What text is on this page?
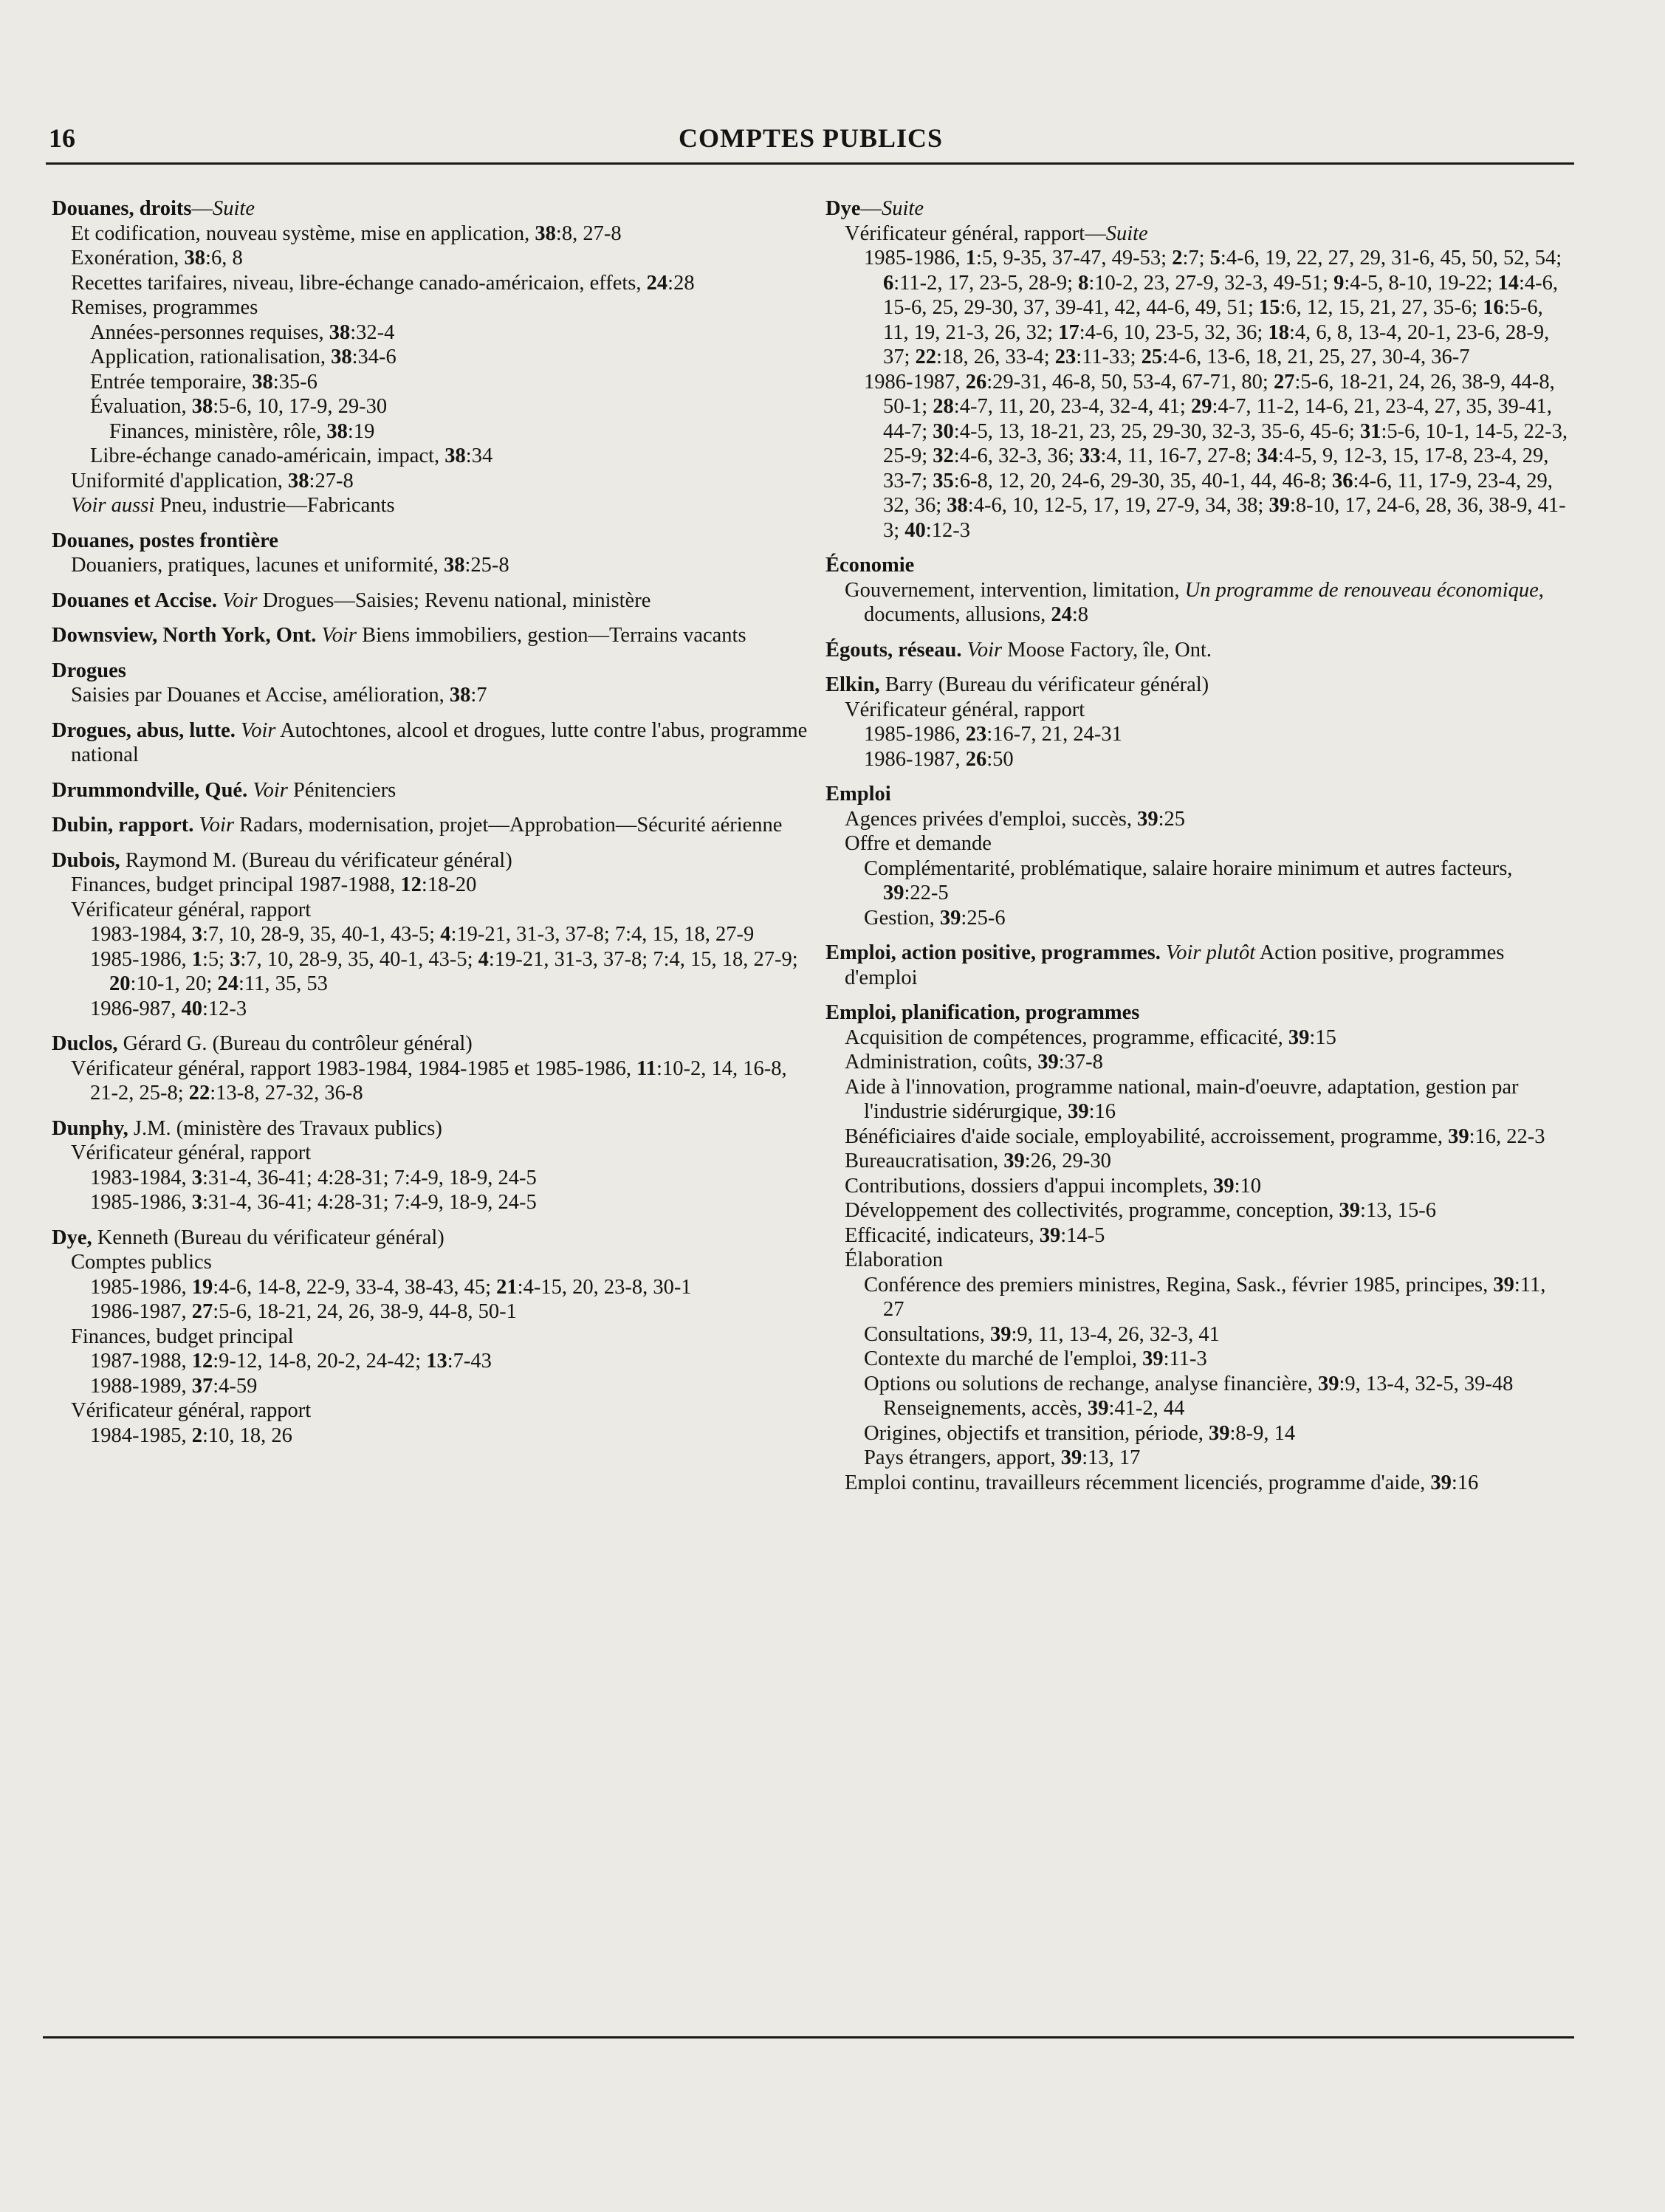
16	COMPTES PUBLICS
Douanes, droits—Suite
Et codification, nouveau système, mise en application, 38:8, 27-8
Exonération, 38:6, 8
Recettes tarifaires, niveau, libre-échange canado-américaion, effets, 24:28
Remises, programmes
Années-personnes requises, 38:32-4
Application, rationalisation, 38:34-6
Entrée temporaire, 38:35-6
Évaluation, 38:5-6, 10, 17-9, 29-30
Finances, ministère, rôle, 38:19
Libre-échange canado-américain, impact, 38:34
Uniformité d'application, 38:27-8
Voir aussi Pneu, industrie—Fabricants
Douanes, postes frontière
Douaniers, pratiques, lacunes et uniformité, 38:25-8
Douanes et Accise. Voir Drogues—Saisies; Revenu national, ministère
Downsview, North York, Ont. Voir Biens immobiliers, gestion—Terrains vacants
Drogues
Saisies par Douanes et Accise, amélioration, 38:7
Drogues, abus, lutte. Voir Autochtones, alcool et drogues, lutte contre l'abus, programme national
Drummondville, Qué. Voir Pénitenciers
Dubin, rapport. Voir Radars, modernisation, projet—Approbation—Sécurité aérienne
Dubois, Raymond M. (Bureau du vérificateur général)
Finances, budget principal 1987-1988, 12:18-20
Vérificateur général, rapport
1983-1984, 3:7, 10, 28-9, 35, 40-1, 43-5; 4:19-21, 31-3, 37-8; 7:4, 15, 18, 27-9
1985-1986, 1:5; 3:7, 10, 28-9, 35, 40-1, 43-5; 4:19-21, 31-3, 37-8; 7:4, 15, 18, 27-9; 20:10-1, 20; 24:11, 35, 53
1986-987, 40:12-3
Duclos, Gérard G. (Bureau du contrôleur général)
Vérificateur général, rapport 1983-1984, 1984-1985 et 1985-1986, 11:10-2, 14, 16-8, 21-2, 25-8; 22:13-8, 27-32, 36-8
Dunphy, J.M. (ministère des Travaux publics)
Vérificateur général, rapport
1983-1984, 3:31-4, 36-41; 4:28-31; 7:4-9, 18-9, 24-5
1985-1986, 3:31-4, 36-41; 4:28-31; 7:4-9, 18-9, 24-5
Dye, Kenneth (Bureau du vérificateur général)
Comptes publics
1985-1986, 19:4-6, 14-8, 22-9, 33-4, 38-43, 45; 21:4-15, 20, 23-8, 30-1
1986-1987, 27:5-6, 18-21, 24, 26, 38-9, 44-8, 50-1
Finances, budget principal
1987-1988, 12:9-12, 14-8, 20-2, 24-42; 13:7-43
1988-1989, 37:4-59
Vérificateur général, rapport
1984-1985, 2:10, 18, 26
Dye—Suite
Vérificateur général, rapport—Suite
1985-1986, 1:5, 9-35, 37-47, 49-53; 2:7; 5:4-6, 19, 22, 27, 29, 31-6, 45, 50, 52, 54; 6:11-2, 17, 23-5, 28-9; 8:10-2, 23, 27-9, 32-3, 49-51; 9:4-5, 8-10, 19-22; 14:4-6, 15-6, 25, 29-30, 37, 39-41, 42, 44-6, 49, 51; 15:6, 12, 15, 21, 27, 35-6; 16:5-6, 11, 19, 21-3, 26, 32; 17:4-6, 10, 23-5, 32, 36; 18:4, 6, 8, 13-4, 20-1, 23-6, 28-9, 37; 22:18, 26, 33-4; 23:11-33; 25:4-6, 13-6, 18, 21, 25, 27, 30-4, 36-7
1986-1987, 26:29-31, 46-8, 50, 53-4, 67-71, 80; 27:5-6, 18-21, 24, 26, 38-9, 44-8, 50-1; 28:4-7, 11, 20, 23-4, 32-4, 41; 29:4-7, 11-2, 14-6, 21, 23-4, 27, 35, 39-41, 44-7; 30:4-5, 13, 18-21, 23, 25, 29-30, 32-3, 35-6, 45-6; 31:5-6, 10-1, 14-5, 22-3, 25-9; 32:4-6, 32-3, 36; 33:4, 11, 16-7, 27-8; 34:4-5, 9, 12-3, 15, 17-8, 23-4, 29, 33-7; 35:6-8, 12, 20, 24-6, 29-30, 35, 40-1, 44, 46-8; 36:4-6, 11, 17-9, 23-4, 29, 32, 36; 38:4-6, 10, 12-5, 17, 19, 27-9, 34, 38; 39:8-10, 17, 24-6, 28, 36, 38-9, 41-3; 40:12-3
Économie
Gouvernement, intervention, limitation, Un programme de renouveau économique, documents, allusions, 24:8
Égouts, réseau. Voir Moose Factory, île, Ont.
Elkin, Barry (Bureau du vérificateur général)
Vérificateur général, rapport
1985-1986, 23:16-7, 21, 24-31
1986-1987, 26:50
Emploi
Agences privées d'emploi, succès, 39:25
Offre et demande
Complémentarité, problématique, salaire horaire minimum et autres facteurs, 39:22-5
Gestion, 39:25-6
Emploi, action positive, programmes. Voir plutôt Action positive, programmes d'emploi
Emploi, planification, programmes
Acquisition de compétences, programme, efficacité, 39:15
Administration, coûts, 39:37-8
Aide à l'innovation, programme national, main-d'oeuvre, adaptation, gestion par l'industrie sidérurgique, 39:16
Bénéficiaires d'aide sociale, employabilité, accroissement, programme, 39:16, 22-3
Bureaucratisation, 39:26, 29-30
Contributions, dossiers d'appui incomplets, 39:10
Développement des collectivités, programme, conception, 39:13, 15-6
Efficacité, indicateurs, 39:14-5
Élaboration
Conférence des premiers ministres, Regina, Sask., février 1985, principes, 39:11, 27
Consultations, 39:9, 11, 13-4, 26, 32-3, 41
Contexte du marché de l'emploi, 39:11-3
Options ou solutions de rechange, analyse financière, 39:9, 13-4, 32-5, 39-48
Renseignements, accès, 39:41-2, 44
Origines, objectifs et transition, période, 39:8-9, 14
Pays étrangers, apport, 39:13, 17
Emploi continu, travailleurs récemment licenciés, programme d'aide, 39:16
